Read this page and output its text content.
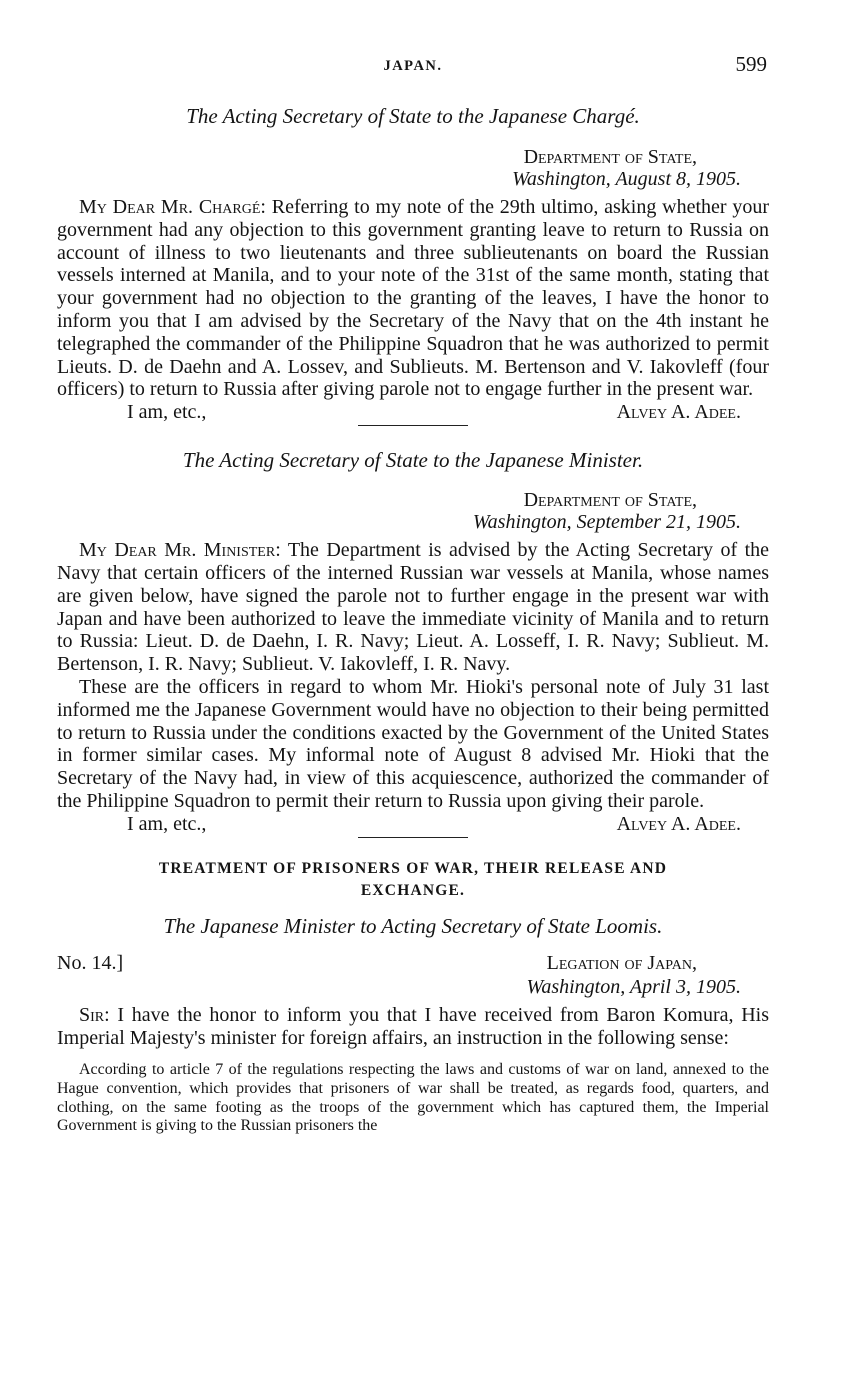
JAPAN.	599
The Acting Secretary of State to the Japanese Chargé.
Department of State,
Washington, August 8, 1905.

My Dear Mr. Chargé: Referring to my note of the 29th ultimo, asking whether your government had any objection to this government granting leave to return to Russia on account of illness to two lieutenants and three sublieutenants on board the Russian vessels interned at Manila, and to your note of the 31st of the same month, stating that your government had no objection to the granting of the leaves, I have the honor to inform you that I am advised by the Secretary of the Navy that on the 4th instant he telegraphed the commander of the Philippine Squadron that he was authorized to permit Lieuts. D. de Daehn and A. Lossev, and Sublieuts. M. Bertenson and V. Iakovleff (four officers) to return to Russia after giving parole not to engage further in the present war.

I am, etc.,	Alvey A. Adee.
The Acting Secretary of State to the Japanese Minister.
Department of State,
Washington, September 21, 1905.

My Dear Mr. Minister: The Department is advised by the Acting Secretary of the Navy that certain officers of the interned Russian war vessels at Manila, whose names are given below, have signed the parole not to further engage in the present war with Japan and have been authorized to leave the immediate vicinity of Manila and to return to Russia: Lieut. D. de Daehn, I. R. Navy; Lieut. A. Losseff, I. R. Navy; Sublieut. M. Bertenson, I. R. Navy; Sublieut. V. Iakovleff, I. R. Navy.

These are the officers in regard to whom Mr. Hioki's personal note of July 31 last informed me the Japanese Government would have no objection to their being permitted to return to Russia under the conditions exacted by the Government of the United States in former similar cases. My informal note of August 8 advised Mr. Hioki that the Secretary of the Navy had, in view of this acquiescence, authorized the commander of the Philippine Squadron to permit their return to Russia upon giving their parole.

I am, etc.,	Alvey A. Adee.
TREATMENT OF PRISONERS OF WAR, THEIR RELEASE AND
EXCHANGE.
The Japanese Minister to Acting Secretary of State Loomis.
No. 14.]	Legation of Japan,
Washington, April 3, 1905.

Sir: I have the honor to inform you that I have received from Baron Komura, His Imperial Majesty's minister for foreign affairs, an instruction in the following sense:

According to article 7 of the regulations respecting the laws and customs of war on land, annexed to the Hague convention, which provides that prisoners of war shall be treated, as regards food, quarters, and clothing, on the same footing as the troops of the government which has captured them, the Imperial Government is giving to the Russian prisoners the
